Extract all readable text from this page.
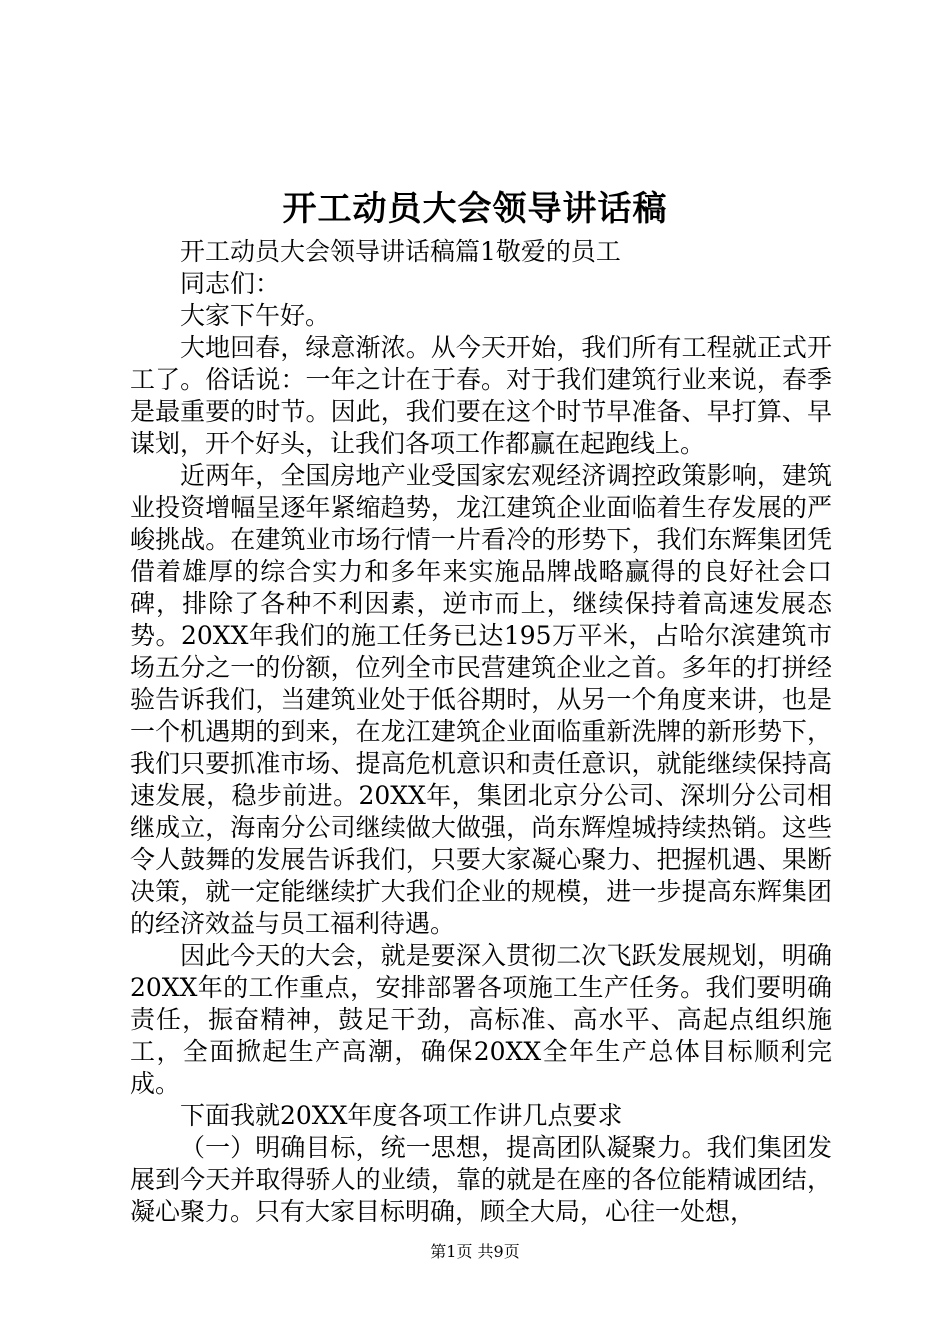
开工动员大会领导讲话稿

开工动员大会领导讲话稿篇1敬爱的员工

同志们：

大家下午好。

大地回春，绿意渐浓。从今天开始，我们所有工程就正式开工了。俗话说：一年之计在于春。对于我们建筑行业来说，春季是最重要的时节。因此，我们要在这个时节早准备、早打算、早谋划，开个好头，让我们各项工作都赢在起跑线上。

近两年，全国房地产业受国家宏观经济调控政策影响，建筑业投资增幅呈逐年紧缩趋势，龙江建筑企业面临着生存发展的严峻挑战。在建筑业市场行情一片看冷的形势下，我们东辉集团凭借着雄厚的综合实力和多年来实施品牌战略赢得的良好社会口碑，排除了各种不利因素，逆市而上，继续保持着高速发展态势。20XX年我们的施工任务已达195万平米，占哈尔滨建筑市场五分之一的份额，位列全市民营建筑企业之首。多年的打拼经验告诉我们，当建筑业处于低谷期时，从另一个角度来讲，也是一个机遇期的到来，在龙江建筑企业面临重新洗牌的新形势下，我们只要抓准市场、提高危机意识和责任意识，就能继续保持高速发展，稳步前进。20XX年，集团北京分公司、深圳分公司相继成立，海南分公司继续做大做强，尚东辉煌城持续热销。这些令人鼓舞的发展告诉我们，只要大家凝心聚力、把握机遇、果断决策，就一定能继续扩大我们企业的规模，进一步提高东辉集团的经济效益与员工福利待遇。

因此今天的大会，就是要深入贯彻二次飞跃发展规划，明确20XX年的工作重点，安排部署各项施工生产任务。我们要明确责任，振奋精神，鼓足干劲，高标准、高水平、高起点组织施工，全面掀起生产高潮，确保20XX全年生产总体目标顺利完成。

下面我就20XX年度各项工作讲几点要求

（一）明确目标，统一思想，提高团队凝聚力。我们集团发展到今天并取得骄人的业绩，靠的就是在座的各位能精诚团结，凝心聚力。只有大家目标明确，顾全大局，心往一处想，

第1页 共9页
